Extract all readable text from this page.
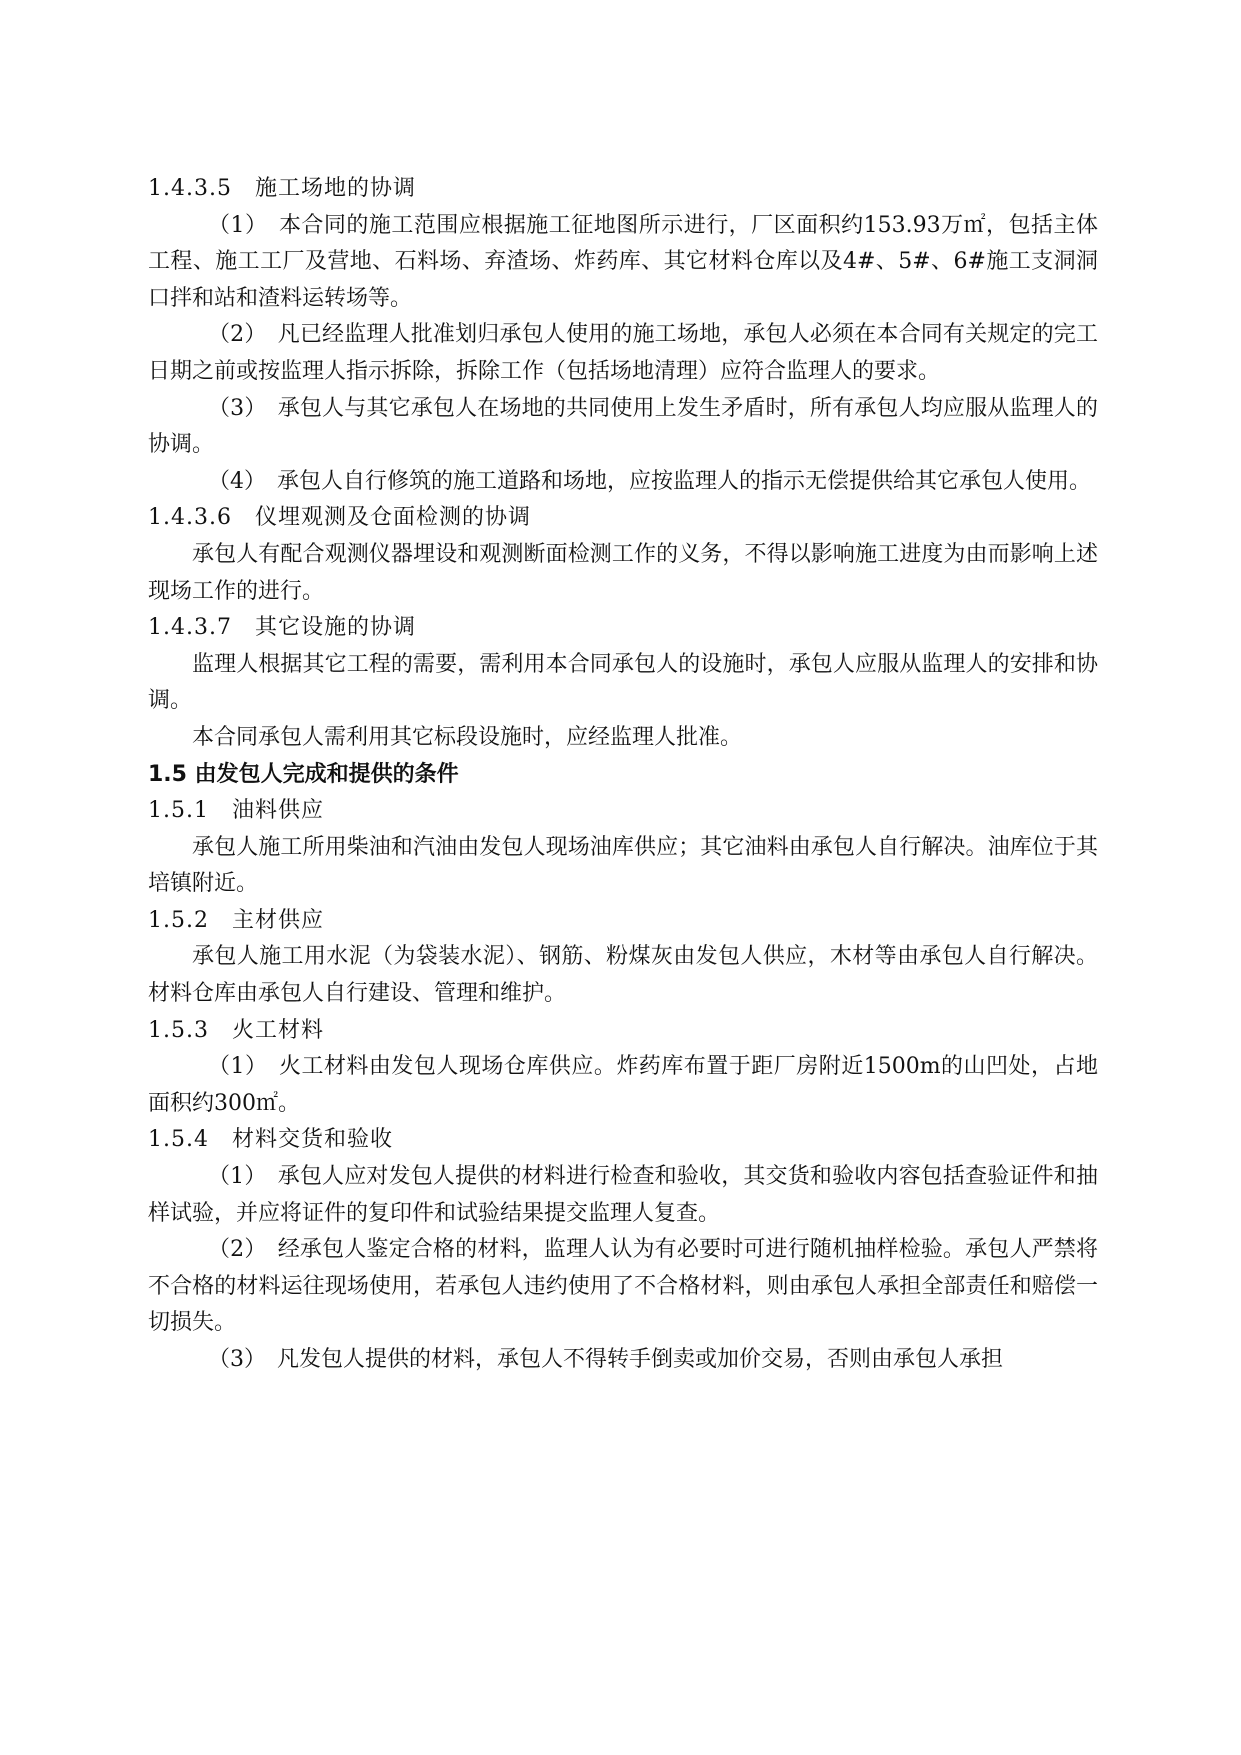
1.4.3.5　施工场地的协调
（1）　本合同的施工范围应根据施工征地图所示进行，厂区面积约153.93万㎡，包括主体工程、施工工厂及营地、石料场、弃渣场、炸药库、其它材料仓库以及4#、5#、6#施工支洞洞口拌和站和渣料运转场等。
（2）　凡已经监理人批准划归承包人使用的施工场地，承包人必须在本合同有关规定的完工日期之前或按监理人指示拆除，拆除工作（包括场地清理）应符合监理人的要求。
（3）　承包人与其它承包人在场地的共同使用上发生矛盾时，所有承包人均应服从监理人的协调。
（4）　承包人自行修筑的施工道路和场地，应按监理人的指示无偿提供给其它承包人使用。
1.4.3.6　仪埋观测及仓面检测的协调
承包人有配合观测仪器埋设和观测断面检测工作的义务，不得以影响施工进度为由而影响上述现场工作的进行。
1.4.3.7　其它设施的协调
监理人根据其它工程的需要，需利用本合同承包人的设施时，承包人应服从监理人的安排和协调。
本合同承包人需利用其它标段设施时，应经监理人批准。
1.5 由发包人完成和提供的条件
1.5.1　油料供应
承包人施工所用柴油和汽油由发包人现场油库供应；其它油料由承包人自行解决。油库位于其培镇附近。
1.5.2　主材供应
承包人施工用水泥（为袋装水泥）、钢筋、粉煤灰由发包人供应，木材等由承包人自行解决。材料仓库由承包人自行建设、管理和维护。
1.5.3　火工材料
（1）　火工材料由发包人现场仓库供应。炸药库布置于距厂房附近1500m的山凹处，占地面积约300㎡。
1.5.4　材料交货和验收
（1）　承包人应对发包人提供的材料进行检查和验收，其交货和验收内容包括查验证件和抽样试验，并应将证件的复印件和试验结果提交监理人复查。
（2）　经承包人鉴定合格的材料，监理人认为有必要时可进行随机抽样检验。承包人严禁将不合格的材料运往现场使用，若承包人违约使用了不合格材料，则由承包人承担全部责任和赔偿一切损失。
（3）　凡发包人提供的材料，承包人不得转手倒卖或加价交易，否则由承包人承担
